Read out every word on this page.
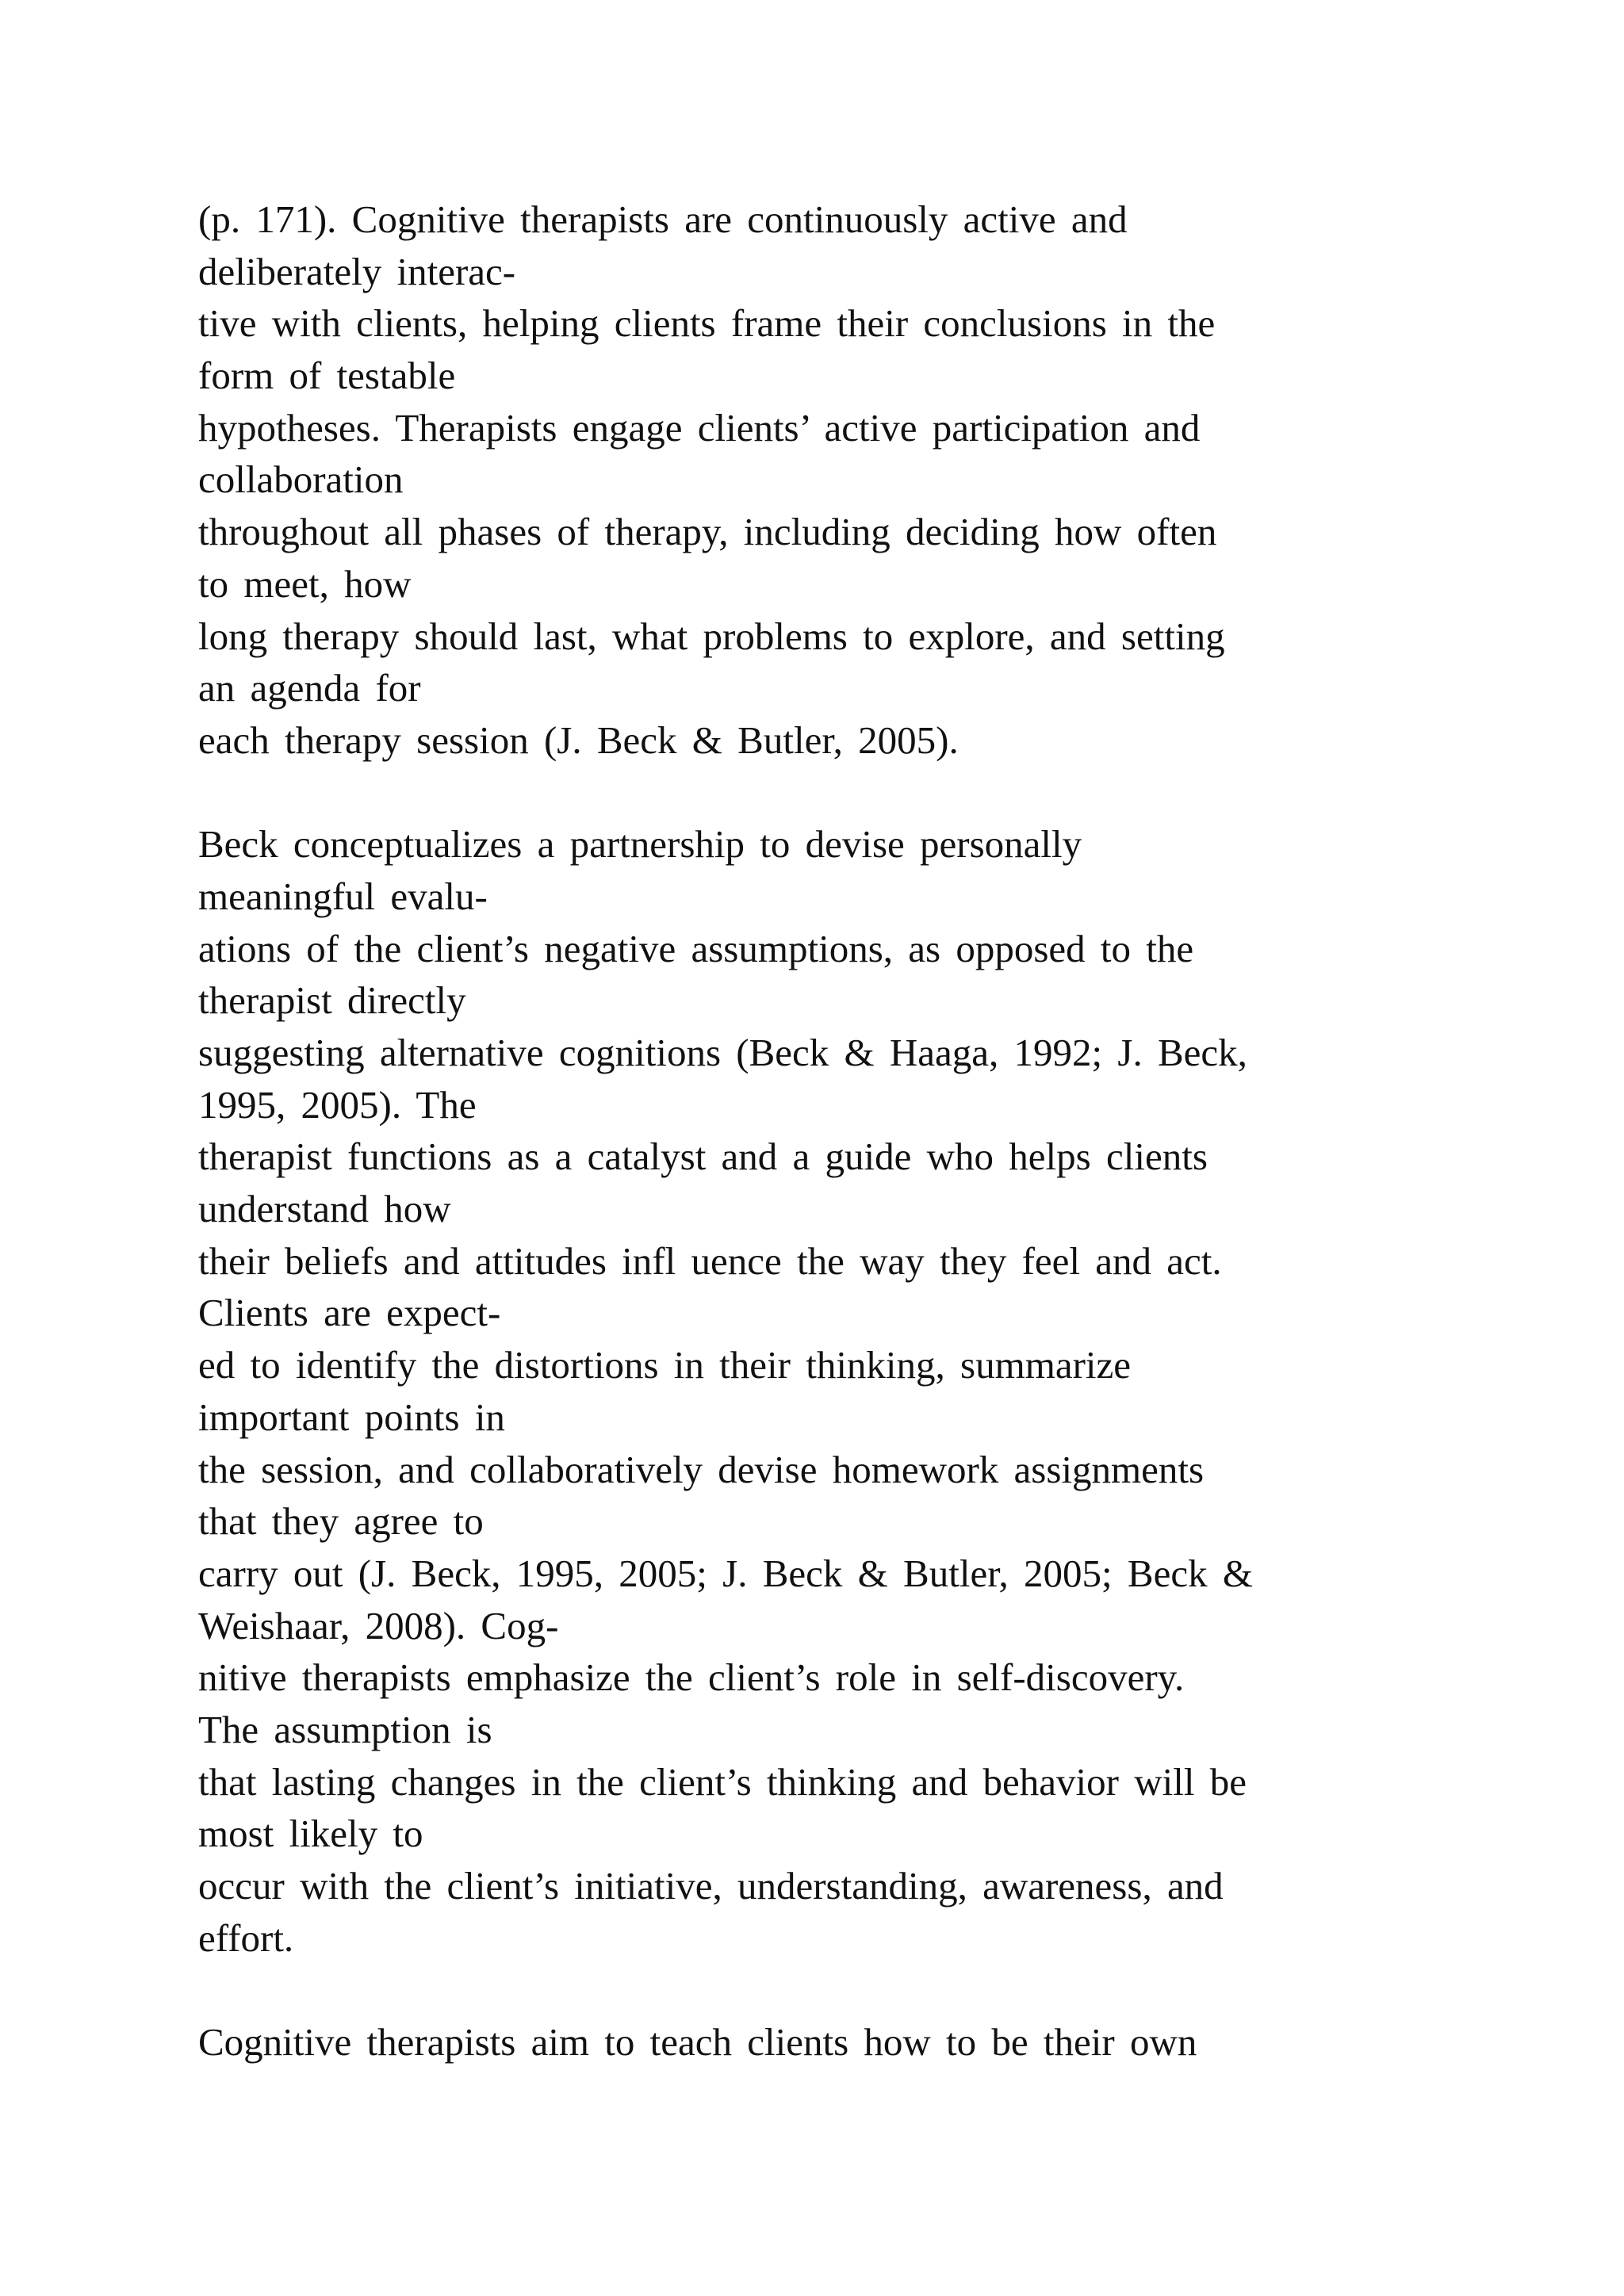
(p. 171). Cognitive therapists are continuously active and
deliberately interac-
tive with clients, helping clients frame their conclusions in the
form of testable
hypotheses. Therapists engage clients’ active participation and
collaboration
throughout all phases of therapy, including deciding how often
to meet, how
long therapy should last, what problems to explore, and setting
an agenda for
each therapy session (J. Beck & Butler, 2005).
Beck conceptualizes a partnership to devise personally
meaningful evalu-
ations of the client’s negative assumptions, as opposed to the
therapist directly
suggesting alternative cognitions (Beck & Haaga, 1992; J. Beck,
1995, 2005). The
therapist functions as a catalyst and a guide who helps clients
understand how
their beliefs and attitudes infl uence the way they feel and act.
Clients are expect-
ed to identify the distortions in their thinking, summarize
important points in
the session, and collaboratively devise homework assignments
that they agree to
carry out (J. Beck, 1995, 2005; J. Beck & Butler, 2005; Beck &
Weishaar, 2008). Cog-
nitive therapists emphasize the client’s role in self-discovery.
The assumption is
that lasting changes in the client’s thinking and behavior will be
most likely to
occur with the client’s initiative, understanding, awareness, and
effort.
Cognitive therapists aim to teach clients how to be their own
